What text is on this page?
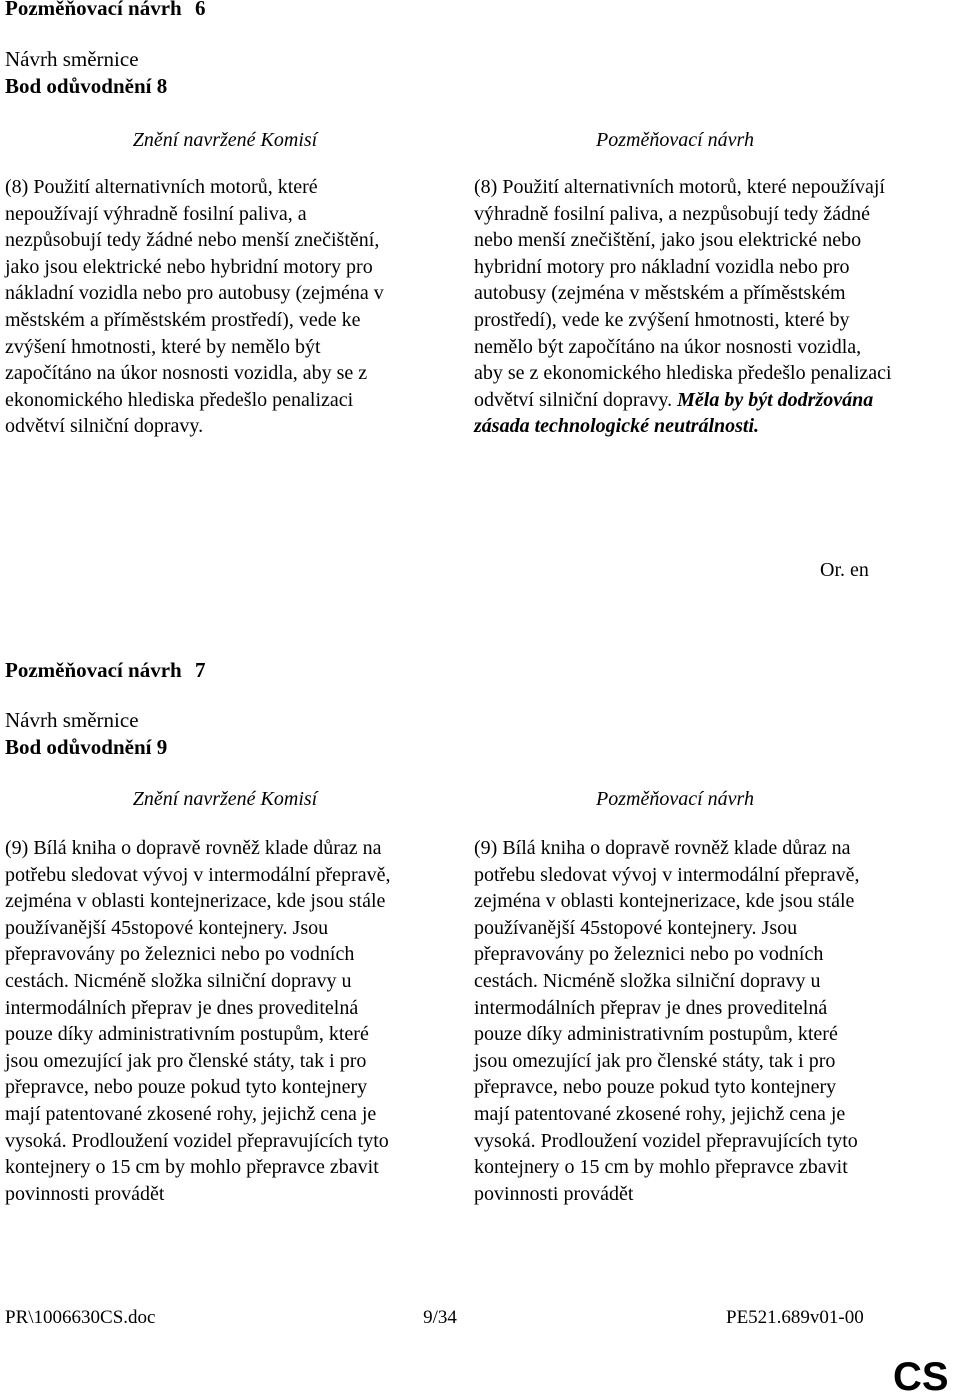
Pozměňovací návrh 6
Návrh směrnice
Bod odůvodnění 8
Znění navržené Komisí	Pozměňovací návrh

(8) Použití alternativních motorů, které nepoužívají výhradně fosilní paliva, a nezpůsobují tedy žádné nebo menší znečištění, jako jsou elektrické nebo hybridní motory pro nákladní vozidla nebo pro autobusy (zejména v městském a příměstském prostředí), vede ke zvýšení hmotnosti, které by nemělo být započítáno na úkor nosnosti vozidla, aby se z ekonomického hlediska předešlo penalizaci odvětví silniční dopravy.

(8) Použití alternativních motorů, které nepoužívají výhradně fosilní paliva, a nezpůsobují tedy žádné nebo menší znečištění, jako jsou elektrické nebo hybridní motory pro nákladní vozidla nebo pro autobusy (zejména v městském a příměstském prostředí), vede ke zvýšení hmotnosti, které by nemělo být započítáno na úkor nosnosti vozidla, aby se z ekonomického hlediska předešlo penalizaci odvětví silniční dopravy. Měla by být dodržována zásada technologické neutrálnosti.

Or. en
Pozměňovací návrh 7
Návrh směrnice
Bod odůvodnění 9
Znění navržené Komisí	Pozměňovací návrh

(9) Bílá kniha o dopravě rovněž klade důraz na potřebu sledovat vývoj v intermodální přepravě, zejména v oblasti kontejnerizace, kde jsou stále používanější 45stopové kontejnery. Jsou přepravovány po železnici nebo po vodních cestách. Nicméně složka silniční dopravy u intermodálních přeprav je dnes proveditelná pouze díky administrativním postupům, které jsou omezující jak pro členské státy, tak i pro přepravce, nebo pouze pokud tyto kontejnery mají patentované zkosené rohy, jejichž cena je vysoká. Prodloužení vozidel přepravujících tyto kontejnery o 15 cm by mohlo přepravce zbavit povinnosti provádět

(9) Bílá kniha o dopravě rovněž klade důraz na potřebu sledovat vývoj v intermodální přepravě, zejména v oblasti kontejnerizace, kde jsou stále používanější 45stopové kontejnery. Jsou přepravovány po železnici nebo po vodních cestách. Nicméně složka silniční dopravy u intermodálních přeprav je dnes proveditelná pouze díky administrativním postupům, které jsou omezující jak pro členské státy, tak i pro přepravce, nebo pouze pokud tyto kontejnery mají patentované zkosené rohy, jejichž cena je vysoká. Prodloužení vozidel přepravujících tyto kontejnery o 15 cm by mohlo přepravce zbavit povinnosti provádět

PR\1006630CS.doc	9/34	PE521.689v01-00
CS
